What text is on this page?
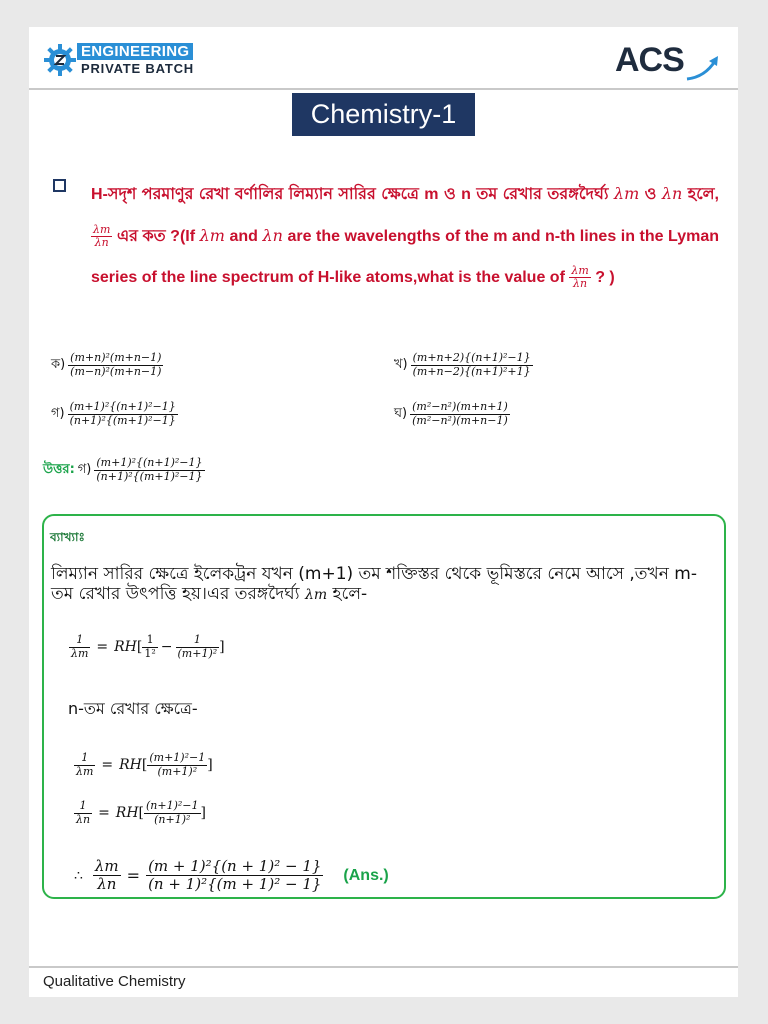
ENGINEERING
PRIVATE BATCH	ACS
Chemistry-1
H-সদৃশ পরমাণুর রেখা বর্ণালির লিম্যান সারির ক্ষেত্রে m ও n তম রেখার তরঙ্গদৈর্ঘ্য λm ও λn হলে,
$\frac{\lambda m}{\lambda n}$ এর কত ?(If λm and λn are the wavelengths of the m and n-th lines in the Lyman series of the line spectrum of H-like atoms,what is the value of $\frac{\lambda m}{\lambda n}$ ? )
ক) $\frac{\text{(m+n)²(m+n−1)}}{\text{(m−n)²(m+n−1)}}$	খ) $\frac{\text{(m+n+2)\{(n+1)²−1\}}}{\text{(m+n−2)\{(n+1)²+1\}}}$
গ) $\frac{\text{(m+1)²\{(n+1)²−1\}}}{\text{(n+1)²\{(m+1)²−1\}}}$	ঘ) $\frac{\text{(m²−n²)(m+n+1)}}{\text{(m²−n²)(m+n−1)}}$
উত্তর: গ) $\frac{\text{(m+1)²\{(n+1)²−1\}}}{\text{(n+1)²\{(m+1)²−1\}}}$
ব্যাখ্যাঃ
লিম্যান সারির ক্ষেত্রে ইলেকট্রন যখন (m+1) তম শক্তিস্তর থেকে ভূমিস্তরে নেমে আসে ,তখন m-তম রেখার উৎপত্তি হয়।এর তরঙ্গদৈর্ঘ্য λm হলে-
$\frac{1}{\lambda m}$ = RH [ $\frac{1}{\text{1²}} - \frac{1}{\text{(m+1)²}}$ ]
n-তম রেখার ক্ষেত্রে-
$\frac{1}{\lambda m}$ = RH [ $\frac{\text{(m+1)²−1}}{\text{(m+1)²}}$ ]
$\frac{1}{\lambda n}$ = RH [ $\frac{\text{(n+1)²−1}}{\text{(n+1)²}}$ ]
∴ $\frac{\lambda m}{\lambda n} = \frac{\text{(m + 1)²\{(n + 1)² − 1\}}}{\text{(n + 1)²\{(m + 1)² − 1\}}} (Ans.)$
Qualitative Chemistry
